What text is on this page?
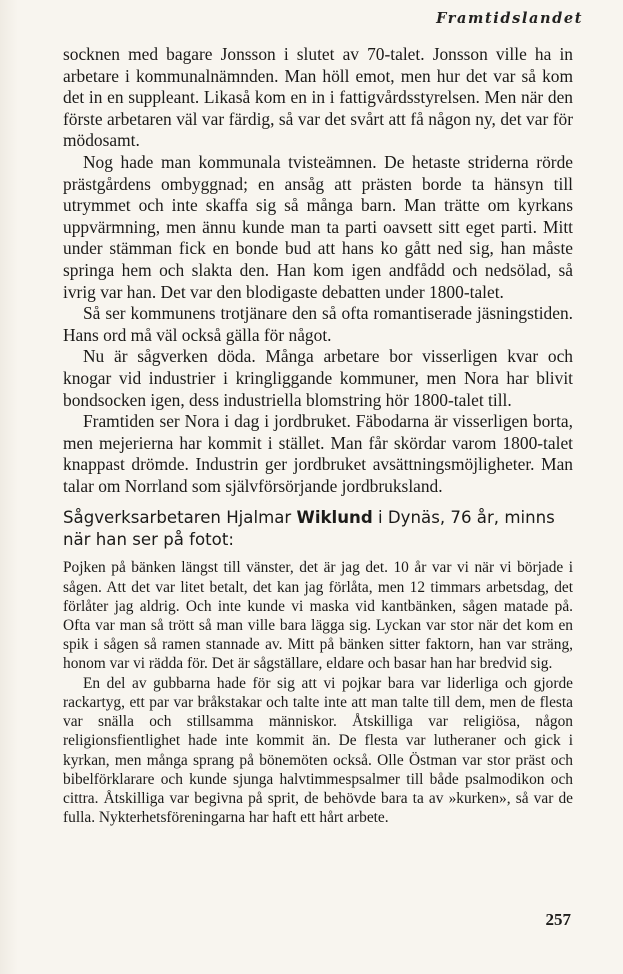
Framtidslandet

socknen med bagare Jonsson i slutet av 70-talet. Jonsson ville ha in arbetare i kommunalnämnden. Man höll emot, men hur det var så kom det in en suppleant. Likaså kom en in i fattigvårdsstyrelsen. Men när den förste arbetaren väl var färdig, så var det svårt att få någon ny, det var för mödosamt.

Nog hade man kommunala tvisteämnen. De hetaste striderna rörde prästgårdens ombyggnad; en ansåg att prästen borde ta hänsyn till utrymmet och inte skaffa sig så många barn. Man trätte om kyrkans uppvärmning, men ännu kunde man ta parti oavsett sitt eget parti. Mitt under stämman fick en bonde bud att hans ko gått ned sig, han måste springa hem och slakta den. Han kom igen andfådd och nedsölad, så ivrig var han. Det var den blodigaste debatten under 1800-talet.

Så ser kommunens trotjänare den så ofta romantiserade jäsningstiden. Hans ord må väl också gälla för något.

Nu är sågverken döda. Många arbetare bor visserligen kvar och knogar vid industrier i kringliggande kommuner, men Nora har blivit bondsocken igen, dess industriella blomstring hör 1800-talet till.

Framtiden ser Nora i dag i jordbruket. Fäbodarna är visserligen borta, men mejerierna har kommit i stället. Man får skördar varom 1800-talet knappast drömde. Industrin ger jordbruket avsättningsmöjligheter. Man talar om Norrland som självförsörjande jordbruksland.

Sågverksarbetaren Hjalmar Wiklund i Dynäs, 76 år, minns när han ser på fotot:

Pojken på bänken längst till vänster, det är jag det. 10 år var vi när vi började i sågen. Att det var litet betalt, det kan jag förlåta, men 12 timmars arbetsdag, det förlåter jag aldrig. Och inte kunde vi maska vid kantbänken, sågen matade på. Ofta var man så trött så man ville bara lägga sig. Lyckan var stor när det kom en spik i sågen så ramen stannade av. Mitt på bänken sitter faktorn, han var sträng, honom var vi rädda för. Det är sågställare, eldare och basar han har bredvid sig.

En del av gubbarna hade för sig att vi pojkar bara var liderliga och gjorde rackartyg, ett par var bråkstakar och talte inte att man talte till dem, men de flesta var snälla och stillsamma människor. Åtskilliga var religiösa, någon religionsfientlighet hade inte kommit än. De flesta var lutheraner och gick i kyrkan, men många sprang på bönemöten också. Olle Östman var stor präst och bibelförklarare och kunde sjunga halvtimmespsalmer till både psalmodikon och cittra. Åtskilliga var begivna på sprit, de behövde bara ta av »kurken», så var de fulla. Nykterhetsföreningarna har haft ett hårt arbete.

257
